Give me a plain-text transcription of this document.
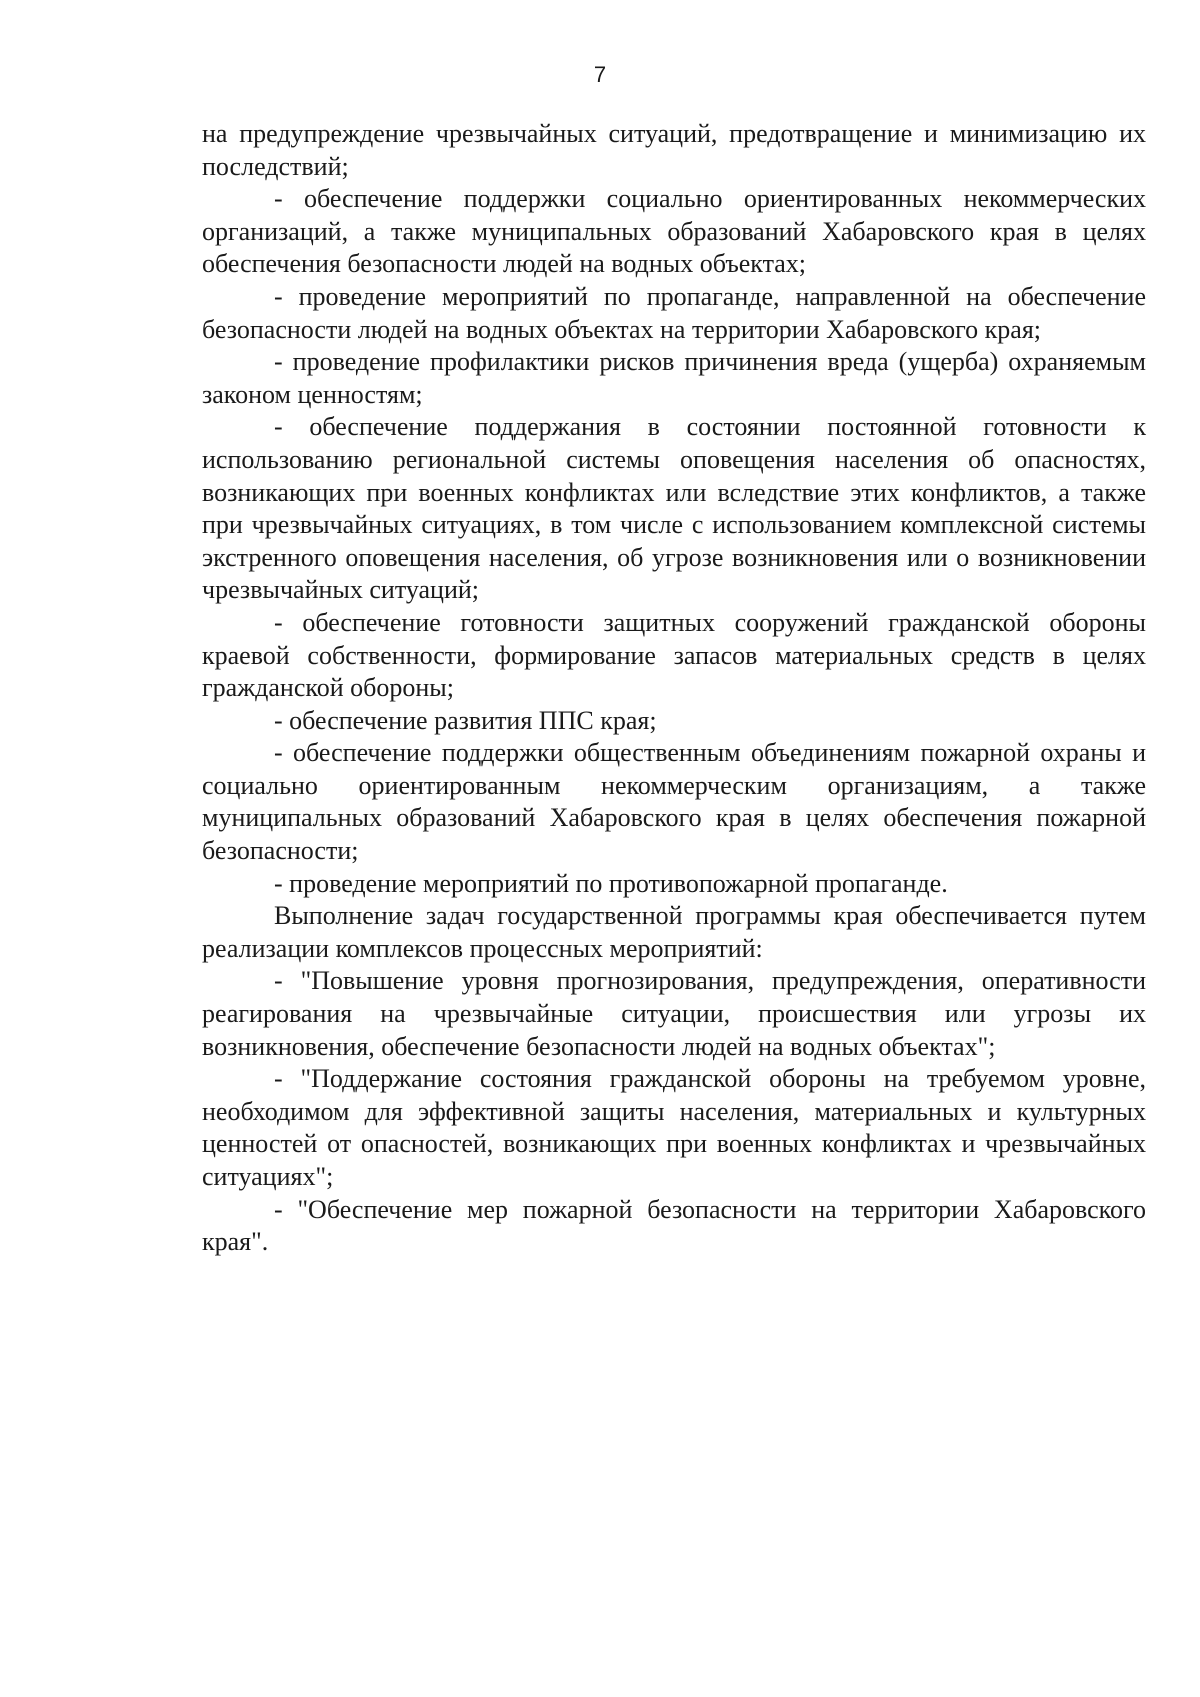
7

на предупреждение чрезвычайных ситуаций, предотвращение и минимизацию их последствий;

- обеспечение поддержки социально ориентированных некоммерческих организаций, а также муниципальных образований Хабаровского края в целях обеспечения безопасности людей на водных объектах;

- проведение мероприятий по пропаганде, направленной на обеспечение безопасности людей на водных объектах на территории Хабаровского края;

- проведение профилактики рисков причинения вреда (ущерба) охраняемым законом ценностям;

- обеспечение поддержания в состоянии постоянной готовности к использованию региональной системы оповещения населения об опасностях, возникающих при военных конфликтах или вследствие этих конфликтов, а также при чрезвычайных ситуациях, в том числе с использованием комплексной системы экстренного оповещения населения, об угрозе возникновения или о возникновении чрезвычайных ситуаций;

- обеспечение готовности защитных сооружений гражданской обороны краевой собственности, формирование запасов материальных средств в целях гражданской обороны;

- обеспечение развития ППС края;

- обеспечение поддержки общественным объединениям пожарной охраны и социально ориентированным некоммерческим организациям, а также муниципальных образований Хабаровского края в целях обеспечения пожарной безопасности;

- проведение мероприятий по противопожарной пропаганде.

Выполнение задач государственной программы края обеспечивается путем реализации комплексов процессных мероприятий:

- "Повышение уровня прогнозирования, предупреждения, оперативности реагирования на чрезвычайные ситуации, происшествия или угрозы их возникновения, обеспечение безопасности людей на водных объектах";

- "Поддержание состояния гражданской обороны на требуемом уровне, необходимом для эффективной защиты населения, материальных и культурных ценностей от опасностей, возникающих при военных конфликтах и чрезвычайных ситуациях";

- "Обеспечение мер пожарной безопасности на территории Хабаровского края".
